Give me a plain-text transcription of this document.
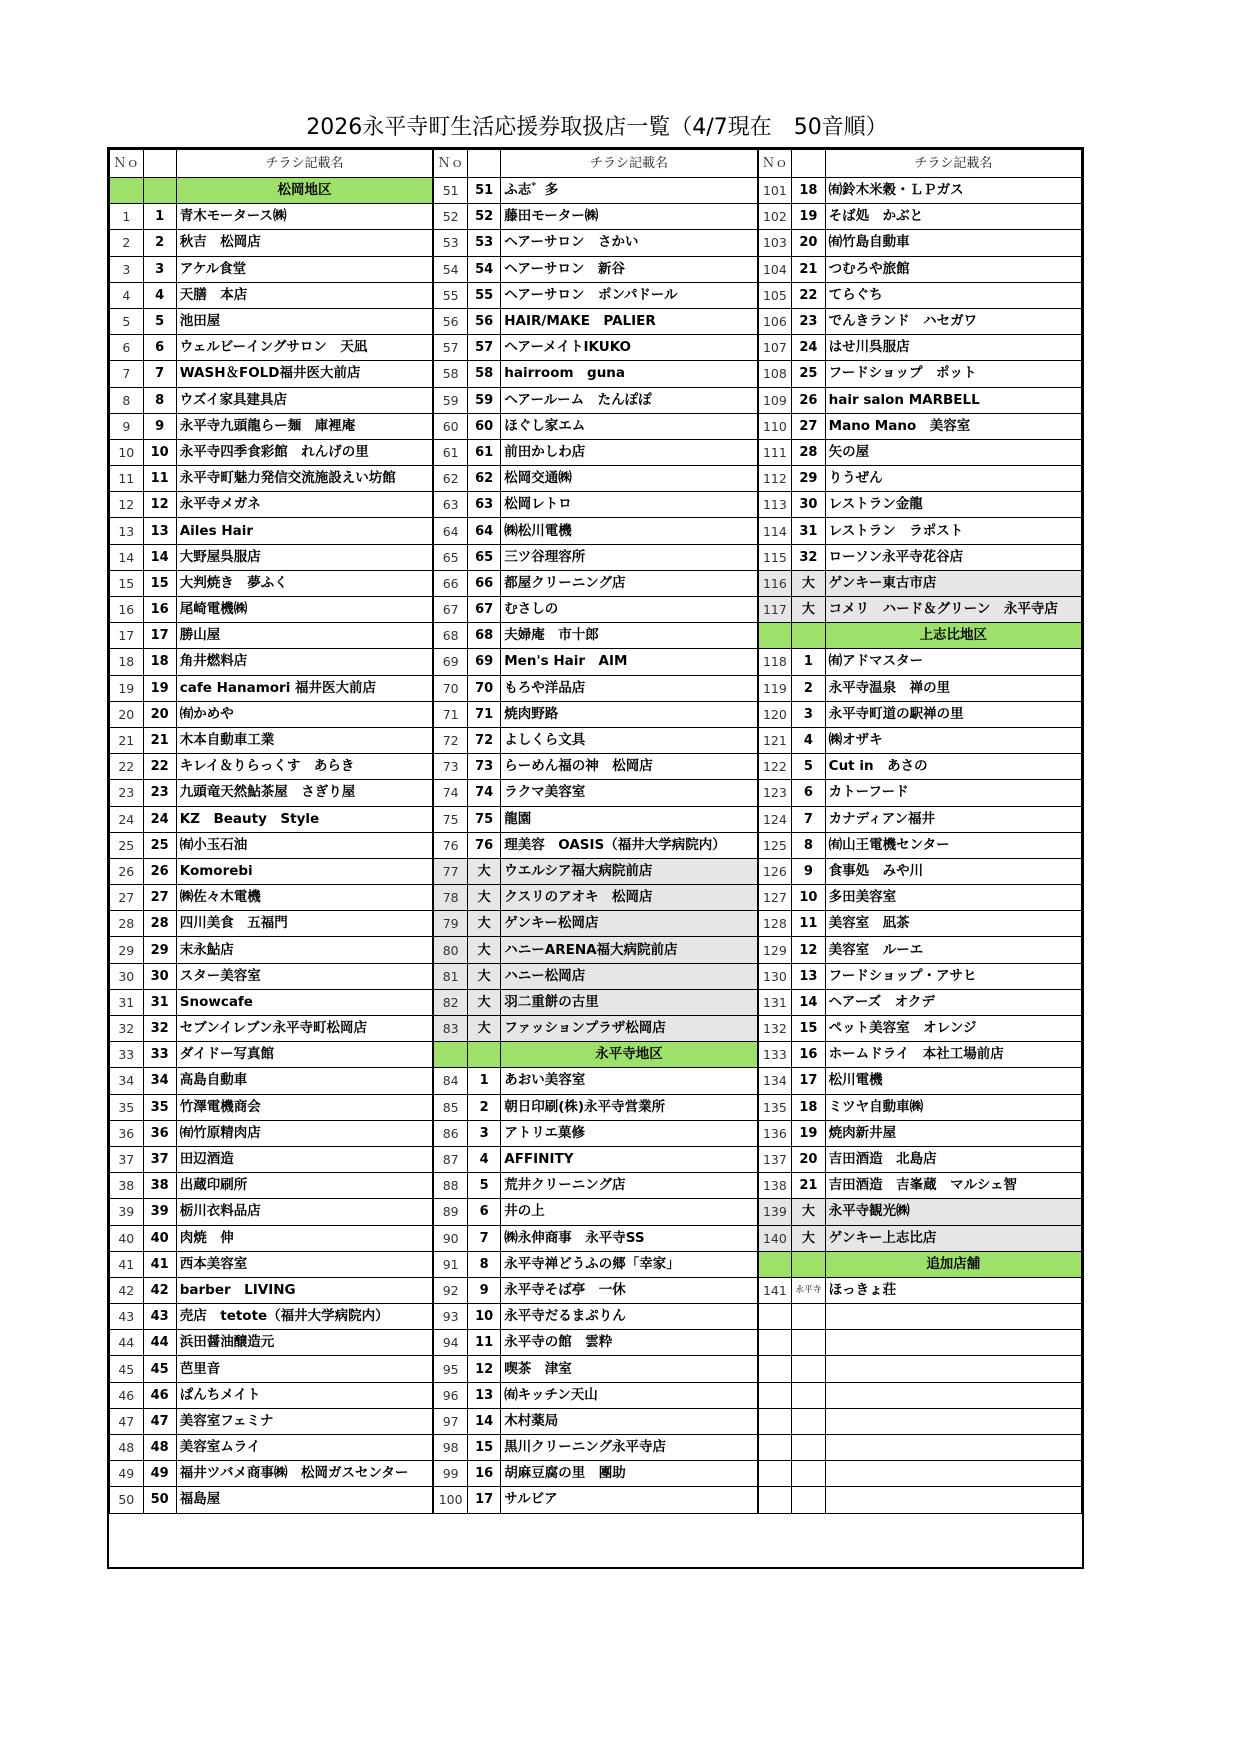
2026永平寺町生活応援券取扱店一覧（4/7現在　50音順）
Ｎｏ		チラシ記載名
		松岡地区
1	1	青木モータース㈱
2	2	秋吉　松岡店
3	3	アケル食堂
4	4	天膳　本店
5	5	池田屋
6	6	ウェルビーイングサロン　天凪
7	7	WASH＆FOLD福井医大前店
8	8	ウズイ家具建具店
9	9	永平寺九頭龍らー麺　庫裡庵
10	10	永平寺四季食彩館　れんげの里
11	11	永平寺町魅力発信交流施設えい坊館
12	12	永平寺メガネ
13	13	Ailes Hair
14	14	大野屋呉服店
15	15	大判焼き　夢ふく
16	16	尾崎電機㈱
17	17	勝山屋
18	18	角井燃料店
19	19	cafe Hanamori 福井医大前店
20	20	㈲かめや
21	21	木本自動車工業
22	22	キレイ＆りらっくす　あらき
23	23	九頭竜天然鮎茶屋　さぎり屋
24	24	KZ　Beauty　Style
25	25	㈲小玉石油
26	26	Komorebi
27	27	㈱佐々木電機
28	28	四川美食　五福門
29	29	末永鮎店
30	30	スター美容室
31	31	Snowcafe
32	32	セブンイレブン永平寺町松岡店
33	33	ダイドー写真館
34	34	高島自動車
35	35	竹澤電機商会
36	36	㈲竹原精肉店
37	37	田辺酒造
38	38	出蔵印刷所
39	39	栃川衣料品店
40	40	肉焼　伸
41	41	西本美容室
42	42	barber　LIVING
43	43	売店　tetote（福井大学病院内）
44	44	浜田醤油醸造元
45	45	芭里音
46	46	ぱんちメイト
47	47	美容室フェミナ
48	48	美容室ムライ
49	49	福井ツバメ商事㈱　松岡ガスセンター
50	50	福島屋
Ｎｏ		チラシ記載名
51	51	ふ志゛多
52	52	藤田モーター㈱
53	53	ヘアーサロン　さかい
54	54	ヘアーサロン　新谷
55	55	ヘアーサロン　ポンパドール
56	56	HAIR/MAKE　PALIER
57	57	ヘアーメイトIKUKO
58	58	hairroom　guna
59	59	ヘアールーム　たんぽぽ
60	60	ほぐし家エム
61	61	前田かしわ店
62	62	松岡交通㈱
63	63	松岡レトロ
64	64	㈱松川電機
65	65	三ツ谷理容所
66	66	都屋クリーニング店
67	67	むさしの
68	68	夫婦庵　市十郎
69	69	Men's Hair　AIM
70	70	もろや洋品店
71	71	焼肉野路
72	72	よしくら文具
73	73	らーめん福の神　松岡店
74	74	ラクマ美容室
75	75	龍園
76	76	理美容　OASIS（福井大学病院内）
77	大	ウエルシア福大病院前店
78	大	クスリのアオキ　松岡店
79	大	ゲンキー松岡店
80	大	ハニーARENA福大病院前店
81	大	ハニー松岡店
82	大	羽二重餅の古里
83	大	ファッションプラザ松岡店
		永平寺地区
84	1	あおい美容室
85	2	朝日印刷(株)永平寺営業所
86	3	アトリエ菓修
87	4	AFFINITY
88	5	荒井クリーニング店
89	6	井の上
90	7	㈱永伸商事　永平寺SS
91	8	永平寺禅どうふの郷「幸家」
92	9	永平寺そば亭　一休
93	10	永平寺だるまぷりん
94	11	永平寺の館　雲粋
95	12	喫茶　津室
96	13	㈲キッチン天山
97	14	木村薬局
98	15	黒川クリーニング永平寺店
99	16	胡麻豆腐の里　團助
100	17	サルビア
Ｎｏ		チラシ記載名
101	18	㈲鈴木米穀・ＬＰガス
102	19	そば処　かぶと
103	20	㈲竹島自動車
104	21	つむろや旅館
105	22	てらぐち
106	23	でんきランド　ハセガワ
107	24	はせ川呉服店
108	25	フードショップ　ポット
109	26	hair salon MARBELL
110	27	Mano Mano　美容室
111	28	矢の屋
112	29	りうぜん
113	30	レストラン金龍
114	31	レストラン　ラポスト
115	32	ローソン永平寺花谷店
116	大	ゲンキー東古市店
117	大	コメリ　ハード＆グリーン　永平寺店
		上志比地区
118	1	㈲アドマスター
119	2	永平寺温泉　禅の里
120	3	永平寺町道の駅禅の里
121	4	㈱オザキ
122	5	Cut in　あさの
123	6	カトーフード
124	7	カナディアン福井
125	8	㈲山王電機センター
126	9	食事処　みや川
127	10	多田美容室
128	11	美容室　凪茶
129	12	美容室　ルーエ
130	13	フードショップ・アサヒ
131	14	ヘアーズ　オクデ
132	15	ペット美容室　オレンジ
133	16	ホームドライ　本社工場前店
134	17	松川電機
135	18	ミツヤ自動車㈱
136	19	焼肉新井屋
137	20	吉田酒造　北島店
138	21	吉田酒造　吉峯蔵　マルシェ智
139	大	永平寺観光㈱
140	大	ゲンキー上志比店
		追加店舗
141	永平寺	ほっきょ荘
